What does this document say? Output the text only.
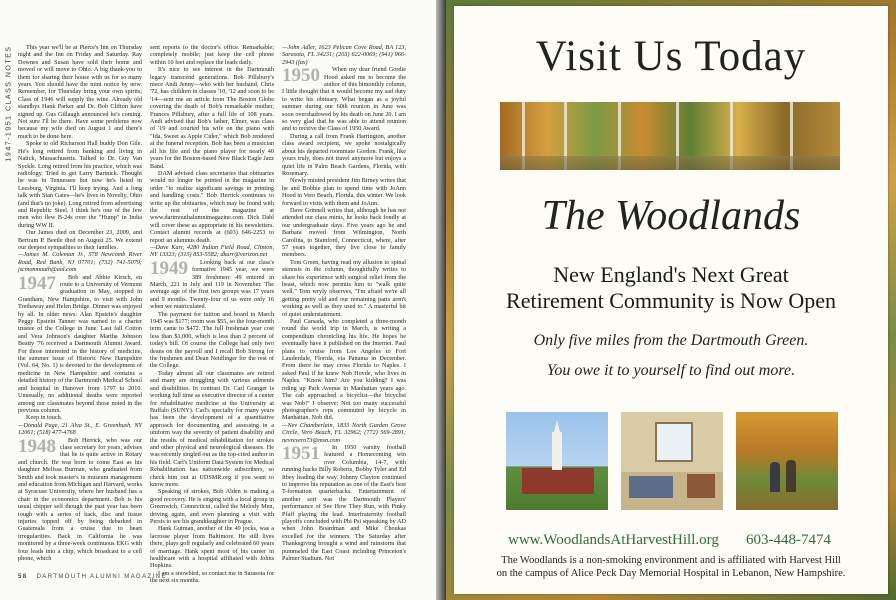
1947-1951 CLASS NOTES	This year we'll be at Pierce's Inn on Thursday night and the Inn on Friday and Saturday. Ray Downes and Susan have sold their home and moved or will move to Ohio. A big thank-you to them for sharing their house with us for so many years. You should have the mini notice by now. Remember, for Thursday bring your own spirits; Class of 1946 will supply the wine. Already old standbys Hank Parker and Dr. Bob Clifton have signed up. Gus Gillaugh announced he's coming. Not sure I'll be there. Have some problems now because my wife died on August 1 and there's much to be done here.

Spoke to old Richarson Hall buddy Don Gile. He's long retired from banking and living in Natick, Massachusetts. Talked to Dr. Guy Van Syckle. Long retired from his practice, which was radiology. Tried to get Larry Bartnick. Thought he was in Tennessee but now he's listed in Leesburg, Virginia. I'll keep trying. And a long talk with Stan Gates—he's lives in Novelty, Ohio (and that's no joke). Long retired from advertising and Republic Steel. I think he's one of the few men who flew B-24s over the "Hump" in India during WW II.

Our James died on December 23, 2009, and Bertram P. Beetle died on August 25. We extend our deepest sympathies to their families.

—James M. Coleman Jr., 578 Newcomb River Road, Red Bank, NJ 07701; (732) 741-5079; jscmonmouth@aol.com

1947	Bob and Abbie Kirsch, en route to a University of Vermont graduation in May, stopped in Grantham, New Hampshire, to visit with John Trethaway and Helen Bridge. Dinner was enjoyed by all. In older news: Alan Epstein's daughter Peggy Epstein Tanner was named to a charter trustee of the College in June. Last fall Cotton and Vera Johnson's daughter Martha Johnson Beatty '76 received a Dartmouth Alumni Award. For those interested in the history of medicine, the summer issue of Historic New Hampshire (Vol. 64, No. 1) is devoted to the development of medicine in New Hampshire and contains a detailed history of the Dartmouth Medical School and hospital in Hanover from 1797 to 2010. Unusually, no additional deaths were reported among our classmates beyond those noted in the previous column.

Keep in touch.

—Donald Page, 21 Alva St., E. Greenbush, NY 12061; (518) 477-4768

1948	Bob Herrick, who was our class secretary for years, advises that he is quite active in Rotary and church. He was born to come East as his daughter Melissa Burman, who graduated from Smith and took master's in museum management and education from Michigan and Harvard, works at Syracuse University, where her husband has a chair in the economics department. Bob is his usual chipper self though the past year has been tough with a series of back, disc and tissue injuries topped off by being debarked in Guatemala from a cruise due to heart irregularities. Back in California he was monitored by a three-week continuous EKG with four leads into a chip, which broadcast to a cell phone, which

sent reports to the doctor's office. Remarkable; completely mobile; just keep the cell phone within 10 feet and replace the leads daily.

It's nice to see interest in the Dartmouth legacy transcend generations. Bob Pillsbury's niece Andi Jenny—who with her husband, Chris '72, has children in classes '10, '12 and soon to be '14—sent me an article from The Boston Globe covering the death of Bob's remarkable mother, Frances Pillsbury, after a full life of 108 years. Andi advised that Bob's father, Elmer, was class of '19 and courted his wife on the piano with "Ida, Sweet as Apple Cider," which Bob rendered at the funeral reception. Bob has been a musician all his life and the piano player for nearly 40 years for the Boston-based New Black Eagle Jazz Band.

DAM advised class secretaries that obituaries would no longer be printed in the magazine in order "to realize significant savings in printing and handling costs." Bob Herrick continues to write up the obituaries, which may be found with the rest of the magazine at www.dartmouthalumnimagazine.com. Dick Dahl will cover these as appropriate in his newsletters. Contact alumni records at (603) 646-2253 to report an alumnus death.

—Dave Kurr, 4280 Indian Field Road, Clinton, NY 13323; (315) 853-5582; dkurr@verizon.net

1949	Looking back at our class's formative 1945 year, we were 389 freshmen: 49 entered in March, 221 in July and 119 in November. The average age of the first two groups was 17 years and 9 months. Twenty-four of us were only 16 when we matriculated.

The payment for tuition and board in March 1945 was $177; room was $55, so the four-month term came to $472. The full freshman year cost less than $1,000, which is less than 2 percent of today's bill. Of course the College had only two deans on the payroll and I recall Bob Strong for the freshmen and Dean Neidlinger for the rest of the College.

Today almost all our classmates are retired and many are struggling with various ailments and disabilities. In contrast Dr. Carl Granger is working full time as executive director of a center for rehabilitative medicine at the University at Buffalo (SUNY). Carl's specialty for many years has been the development of a quantitative approach for documenting and assessing in a uniform way the severity of patient disability and the results of medical rehabilitation for strokes and other physical and neurological diseases. He was recently singled out as the top-cited author in his field. Carl's Uniform Data System for Medical Rehabilitation has nationwide subscribers, so check him out at UDSMR.org if you want to know more.

Speaking of strokes, Bob Alden is making a good recovery. He is singing with a local group in Greenwich, Connecticut, called the Melody Men, driving again, and even planning a visit with Persis to see his granddaughter in Prague.

Hank Gutman, another of the 49 jocks, was a lacrosse player from Baltimore. He still lives there, plays golf regularly and celebrated 60 years of marriage. Hank spent most of his career in healthcare with a hospital affiliated with Johns Hopkins.

I am a snowbird, so contact me in Sarasota for the next six months.

—John Adler, 1623 Pelican Cove Road, BA 123, Sarasota, FL 34231; (203) 622-0069; (941) 966-2943 (fax)

1950	When my dear friend Gordie Hood asked me to become the author of this bimonthly column, I little thought that it would become my sad duty to write his obituary. What began as a joyful summer during our 60th reunion in June was soon overshadowed by his death on June 20. I am so very glad that he was able to attend reunion and to receive the Class of 1950 Award.

During a call from Frank Harrington, another class award recipient, we spoke nostalgically about his departed roommate Gordon. Frank, like yours truly, does not travel anymore but enjoys a quiet life in Palm Beach Gardens, Florida, with Rosemary.

Newly minted president Jim Birney writes that he and Bobbie plan to spend time with JoAnn Hood in Vero Beach, Florida, this winter. We look forward to visits with them and JoAnn.

Dave Grinnell writes that, although he has not attended our class minis, he looks back fondly at our undergraduate days. Five years ago he and Barbara moved from Wilmington, North Carolina, to Stamford, Connecticut, where, after 57 years together, they live close to family members.

Tom Green, having read my allusion to spinal stenosis in the column, thoughtfully writes to share his experience with surgical relief from the beast, which now permits him to "walk quite well." Tom wryly observes, "I'm afraid we're all getting pretty old and our remaining parts aren't working as well as they used to." A masterful bit of quiet understatement.

Paul Carsada, who completed a three-month round the world trip in March, is writing a compendium chronicling his life. He hopes he eventually have it published on the Internet. Paul plans to cruise from Los Angeles to Fort Lauderdale, Florida, via Panama in December. From there he may cross Florida to Naples. I asked Paul if he knew Nob Hovde, who lives in Naples. "Know him? Are you kidding? I was riding up Park Avenue in Manhattan years ago. The cab approached a bicyclist—the bicyclist was Nob!" I observe: Not too many successful photographer's reps commuted by bicycle in Manhattan. Nob did.

—Nev Chamberlain, 1833 North Garden Grove Circle, Vero Beach, FL 32962; (772) 569-2891; nevrevero73@msn.com

1951	In 1950 varsity football featured a Homecoming win over Columbia, 14-7, with running backs Billy Roberts, Bobby Tyler and Ed Itbey leading the way. Johnny Clayton continued to improve his reputation as one of the East's best T-formation quarterbacks. Entertainment of another sort was the Dartmouth Players' performance of See How They Run, with Pinky Pfaff playing the lead. Interfraternity football playoffs concluded with Phi Psi squeaking by AD when John Boardman and Mike Choukas excelled for the winners. The Saturday after Thanksgiving brought a wind and rainstorm that pummeled the East Coast including Princeton's Palmer Stadium. Not

58 DARTMOUTH ALUMNI MAGAZINE
Visit Us Today
The Woodlands
New England's Next Great
Retirement Community is Now Open
Only five miles from the Dartmouth Green.
You owe it to yourself to find out more.
www.WoodlandsAtHarvestHill.org 603-448-7474
The Woodlands is a non-smoking environment and is affiliated with Harvest Hill
on the campus of Alice Peck Day Memorial Hospital in Lebanon, New Hampshire.
